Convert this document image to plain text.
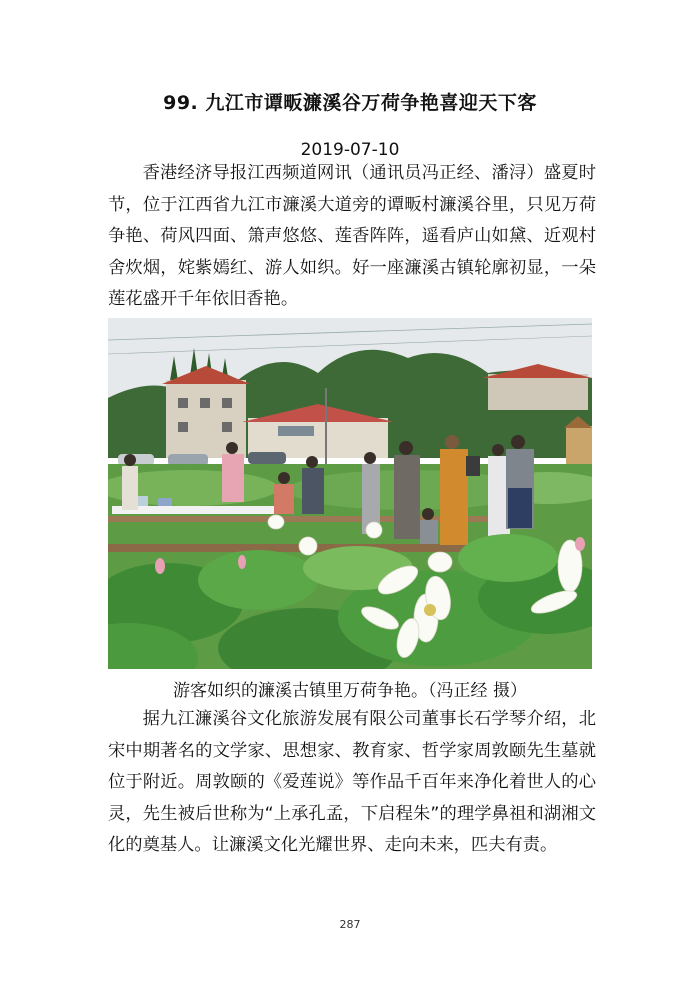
99. 九江市谭畈濂溪谷万荷争艳喜迎天下客
2019-07-10

香港经济导报江西频道网讯（通讯员冯正经、潘浔）盛夏时节，位于江西省九江市濂溪大道旁的谭畈村濂溪谷里，只见万荷争艳、荷风四面、箫声悠悠、莲香阵阵，遥看庐山如黛、近观村舍炊烟，姹紫嫣红、游人如织。好一座濂溪古镇轮廓初显，一朵莲花盛开千年依旧香艳。

游客如织的濂溪古镇里万荷争艳。（冯正经 摄）

据九江濂溪谷文化旅游发展有限公司董事长石学琴介绍，北宋中期著名的文学家、思想家、教育家、哲学家周敦颐先生墓就位于附近。周敦颐的《爱莲说》等作品千百年来净化着世人的心灵，先生被后世称为“上承孔孟，下启程朱”的理学鼻祖和湖湘文化的奠基人。让濂溪文化光耀世界、走向未来，匹夫有责。

287
